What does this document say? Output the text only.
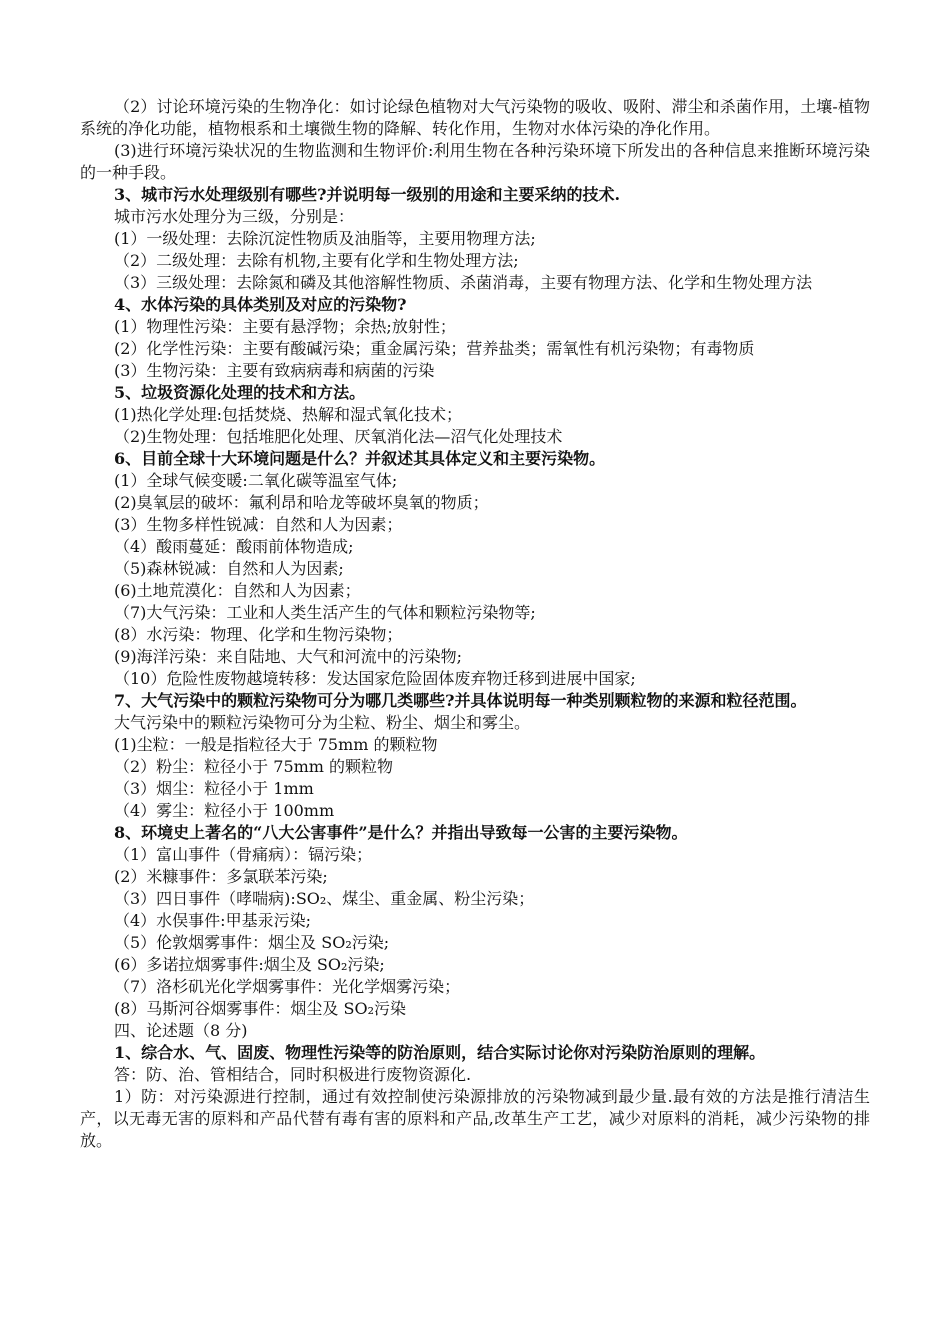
（2）讨论环境污染的生物净化：如讨论绿色植物对大气污染物的吸收、吸附、滞尘和杀菌作用，土壤-植物系统的净化功能，植物根系和土壤微生物的降解、转化作用，生物对水体污染的净化作用。

(3)进行环境污染状况的生物监测和生物评价:利用生物在各种污染环境下所发出的各种信息来推断环境污染的一种手段。

3、城市污水处理级别有哪些?并说明每一级别的用途和主要采纳的技术.

城市污水处理分为三级，分别是：

(1）一级处理：去除沉淀性物质及油脂等，主要用物理方法;

（2）二级处理：去除有机物,主要有化学和生物处理方法;

（3）三级处理：去除氮和磷及其他溶解性物质、杀菌消毒，主要有物理方法、化学和生物处理方法

4、水体污染的具体类别及对应的污染物?

(1）物理性污染：主要有悬浮物；余热;放射性；

(2）化学性污染：主要有酸碱污染；重金属污染；营养盐类；需氧性有机污染物；有毒物质

(3）生物污染：主要有致病病毒和病菌的污染

5、垃圾资源化处理的技术和方法。

(1)热化学处理:包括焚烧、热解和湿式氧化技术；

（2)生物处理：包括堆肥化处理、厌氧消化法—沼气化处理技术

6、目前全球十大环境问题是什么？并叙述其具体定义和主要污染物。

(1）全球气候变暖:二氧化碳等温室气体;

(2)臭氧层的破坏：氟利昂和哈龙等破坏臭氧的物质；

(3）生物多样性锐减：自然和人为因素；

（4）酸雨蔓延：酸雨前体物造成;

（5)森林锐减：自然和人为因素;

(6)土地荒漠化：自然和人为因素；

（7)大气污染：工业和人类生活产生的气体和颗粒污染物等;

(8）水污染：物理、化学和生物污染物；

(9)海洋污染：来自陆地、大气和河流中的污染物;

（10）危险性废物越境转移：发达国家危险固体废弃物迁移到进展中国家;

7、大气污染中的颗粒污染物可分为哪几类哪些?并具体说明每一种类别颗粒物的来源和粒径范围。

大气污染中的颗粒污染物可分为尘粒、粉尘、烟尘和雾尘。

(1)尘粒：一般是指粒径大于 75mm 的颗粒物

（2）粉尘：粒径小于 75mm 的颗粒物

（3）烟尘：粒径小于 1mm

（4）雾尘：粒径小于 100mm

8、环境史上著名的“八大公害事件”是什么？并指出导致每一公害的主要污染物。

（1）富山事件（骨痛病）：镉污染；

(2）米糠事件：多氯联苯污染;

（3）四日事件（哮喘病):SO₂、煤尘、重金属、粉尘污染；

（4）水俣事件:甲基汞污染;

（5）伦敦烟雾事件：烟尘及 SO₂污染;

(6）多诺拉烟雾事件:烟尘及 SO₂污染;

（7）洛杉矶光化学烟雾事件：光化学烟雾污染；

(8）马斯河谷烟雾事件：烟尘及 SO₂污染

四、论述题（8 分)

1、综合水、气、固废、物理性污染等的防治原则，结合实际讨论你对污染防治原则的理解。

答：防、治、管相结合，同时积极进行废物资源化.

1）防：对污染源进行控制，通过有效控制使污染源排放的污染物减到最少量.最有效的方法是推行清洁生产，以无毒无害的原料和产品代替有毒有害的原料和产品,改革生产工艺，减少对原料的消耗，减少污染物的排放。
